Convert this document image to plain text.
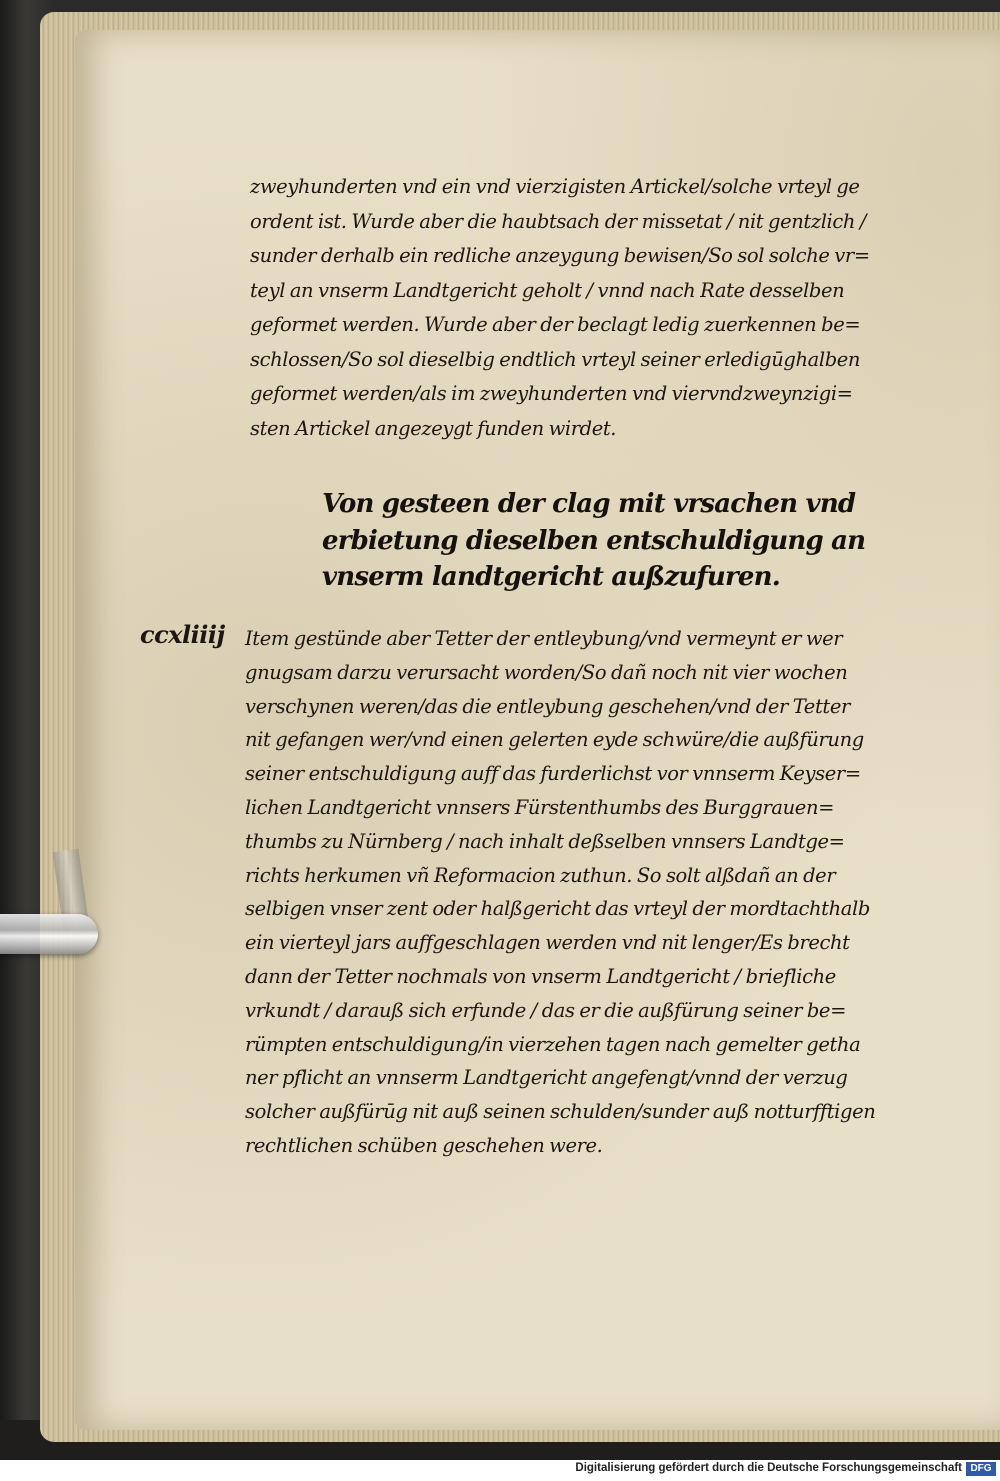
zweyhunderten vnd ein vnd vierzigisten Artickel/solche vrteyl ge
ordent ist. Wurde aber die haubtsach der missetat / nit gentzlich /
sunder derhalb ein redliche anzeygung bewisen/So sol solche vr=
teyl an vnserm Landtgericht geholt / vnnd nach Rate desselben
geformet werden. Wurde aber der beclagt ledig zuerkennen be=
schlossen/So sol dieselbig endtlich vrteyl seiner erledigūghalben
geformet werden/als im zweyhunderten vnd viervndzweynzigi=
sten Artickel angezeygt funden wirdet.
Von gesteen der clag mit vrsachen vnd
erbietung dieselben entschuldigung an
vnserm landtgericht außzufuren.
ccxliiij Item gestünde aber Tetter der entleybung/vnd vermeynt er wer
gnugsam darzu verursacht worden/So dañ noch nit vier wochen
verschynen weren/das die entleybung geschehen/vnd der Tetter
nit gefangen wer/vnd einen gelerten eyde schwüre/die außfürung
seiner entschuldigung auff das furderlichst vor vnnserm Keyser=
lichen Landtgericht vnnsers Fürstenthumbs des Burggrauen=
thumbs zu Nürnberg / nach inhalt deßselben vnnsers Landtge=
richts herkumen vñ Reformacion zuthun. So solt alßdañ an der
selbigen vnser zent oder halßgericht das vrteyl der mordtachthalb
ein vierteyl jars auffgeschlagen werden vnd nit lenger/Es brecht
dann der Tetter nochmals von vnserm Landtgericht / briefliche
vrkundt / darauß sich erfunde / das er die außfürung seiner be=
rümpten entschuldigung/in vierzehen tagen nach gemelter getha
ner pflicht an vnnserm Landtgericht angefengt/vnnd der verzug
solcher außfürūg nit auß seinen schulden/sunder auß notturfftigen
rechtlichen schüben geschehen were.
Digitalisierung gefördert durch die Deutsche Forschungsgemeinschaft DFG
